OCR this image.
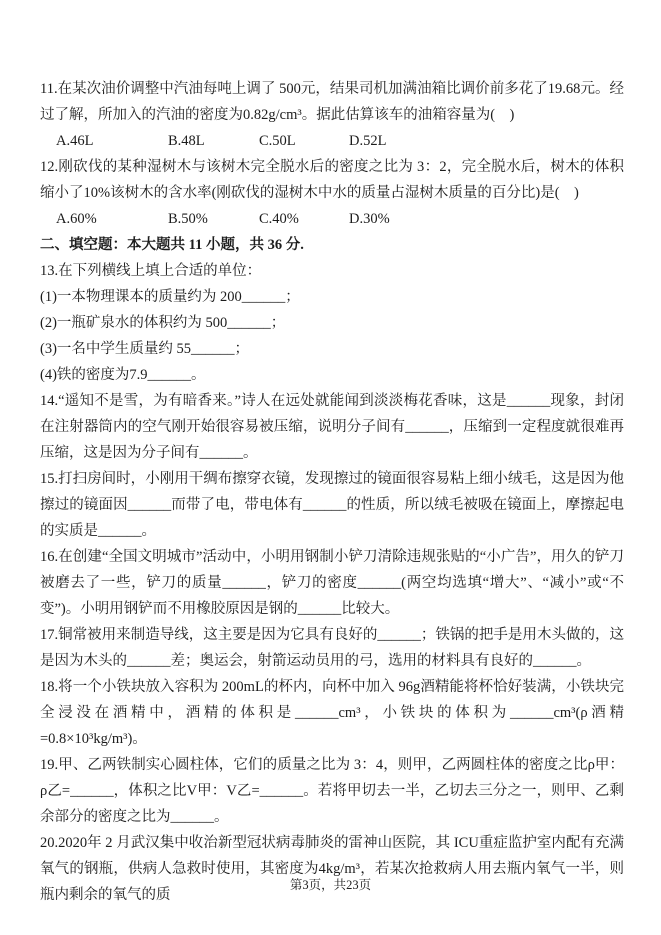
11.在某次油价调整中汽油每吨上调了 500元，结果司机加满油箱比调价前多花了19.68元。经过了解，所加入的汽油的密度为0.82g/cm³。据此估算该车的油箱容量为(　)

A.46L	B.48L	C.50L	D.52L

12.刚砍伐的某种湿树木与该树木完全脱水后的密度之比为 3：2，完全脱水后，树木的体积缩小了10%该树木的含水率(刚砍伐的湿树木中水的质量占湿树木质量的百分比)是(　)

A.60%	B.50%	C.40%	D.30%

二、填空题：本大题共 11 小题，共 36 分.

13.在下列横线上填上合适的单位：

(1)一本物理课本的质量约为 200______；

(2)一瓶矿泉水的体积约为 500______；

(3)一名中学生质量约 55______；

(4)铁的密度为7.9______。

14.“遥知不是雪，为有暗香来。”诗人在远处就能闻到淡淡梅花香味，这是______现象，封闭在注射器筒内的空气刚开始很容易被压缩，说明分子间有______，压缩到一定程度就很难再压缩，这是因为分子间有______。

15.打扫房间时，小刚用干绸布擦穿衣镜，发现擦过的镜面很容易粘上细小绒毛，这是因为他擦过的镜面因______而带了电，带电体有______的性质，所以绒毛被吸在镜面上，摩擦起电的实质是______。

16.在创建“全国文明城市”活动中，小明用钢制小铲刀清除违规张贴的“小广告”，用久的铲刀被磨去了一些，铲刀的质量______，铲刀的密度______(两空均选填“增大”、“减小”或“不变”)。小明用钢铲而不用橡胶原因是钢的______比较大。

17.铜常被用来制造导线，这主要是因为它具有良好的______；铁锅的把手是用木头做的，这是因为木头的______差；奥运会，射箭运动员用的弓，选用的材料具有良好的______。

18.将一个小铁块放入容积为 200mL的杯内，向杯中加入 96g酒精能将杯恰好装满，小铁块完全浸没在酒精中，酒精的体积是______cm³，小铁块的体积为______cm³(ρ酒精=0.8×10³kg/m³)。

19.甲、乙两铁制实心圆柱体，它们的质量之比为 3：4，则甲，乙两圆柱体的密度之比ρ甲：ρ乙=______，体积之比V甲：V乙=______。若将甲切去一半，乙切去三分之一，则甲、乙剩余部分的密度之比为______。

20.2020年 2 月武汉集中收治新型冠状病毒肺炎的雷神山医院，其 ICU重症监护室内配有充满氧气的钢瓶，供病人急救时使用，其密度为4kg/m³，若某次抢救病人用去瓶内氧气一半，则瓶内剩余的氧气的质

第3页，共23页
